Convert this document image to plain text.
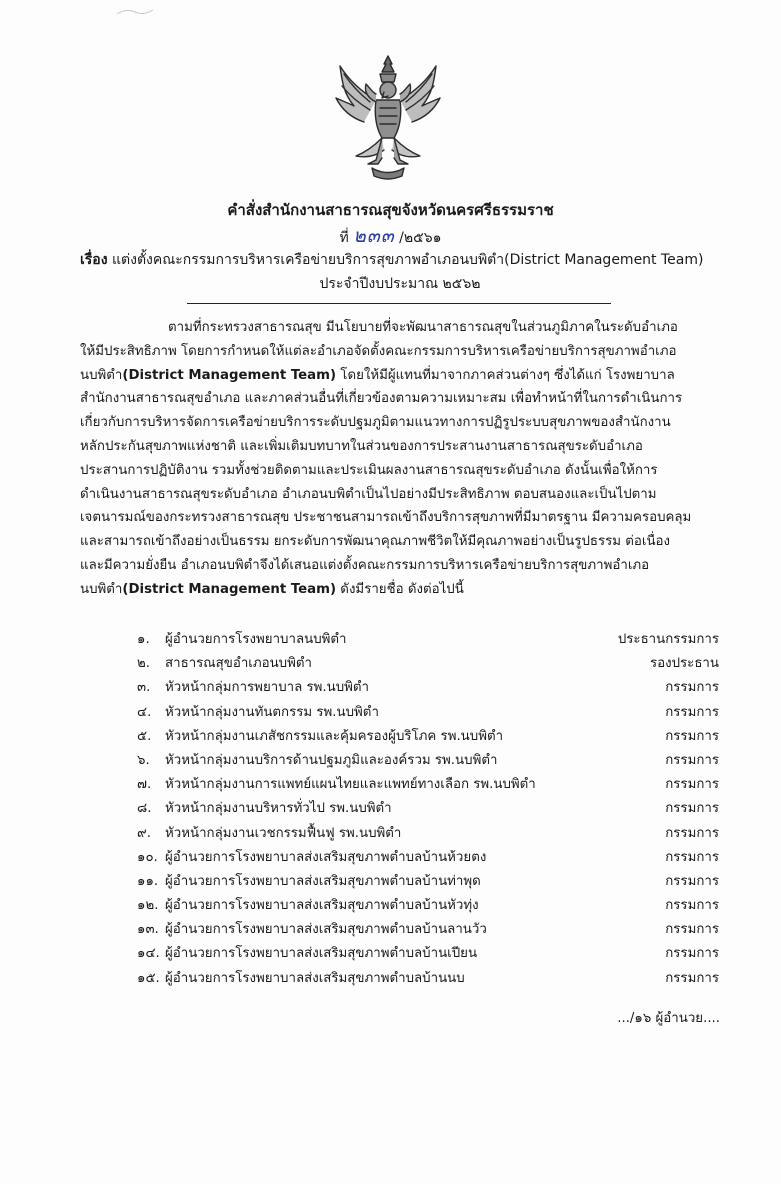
คำสั่งสำนักงานสาธารณสุขจังหวัดนครศรีธรรมราช
ที่ ๒๓๓ /๒๕๖๑
เรื่อง แต่งตั้งคณะกรรมการบริหารเครือข่ายบริการสุขภาพอำเภอนบพิตำ(District Management Team)
ประจำปีงบประมาณ ๒๕๖๒
ตามที่กระทรวงสาธารณสุข มีนโยบายที่จะพัฒนาสาธารณสุขในส่วนภูมิภาคในระดับอำเภอ
ให้มีประสิทธิภาพ โดยการกำหนดให้แต่ละอำเภอจัดตั้งคณะกรรมการบริหารเครือข่ายบริการสุขภาพอำเภอ
นบพิตำ(District Management Team) โดยให้มีผู้แทนที่มาจากภาคส่วนต่างๆ ซึ่งได้แก่ โรงพยาบาล
สำนักงานสาธารณสุขอำเภอ และภาคส่วนอื่นที่เกี่ยวข้องตามความเหมาะสม เพื่อทำหน้าที่ในการดำเนินการ
เกี่ยวกับการบริหารจัดการเครือข่ายบริการระดับปฐมภูมิตามแนวทางการปฏิรูประบบสุขภาพของสำนักงาน
หลักประกันสุขภาพแห่งชาติ และเพิ่มเติมบทบาทในส่วนของการประสานงานสาธารณสุขระดับอำเภอ
ประสานการปฏิบัติงาน รวมทั้งช่วยติดตามและประเมินผลงานสาธารณสุขระดับอำเภอ ดังนั้นเพื่อให้การ
ดำเนินงานสาธารณสุขระดับอำเภอ อำเภอนบพิตำเป็นไปอย่างมีประสิทธิภาพ ตอบสนองและเป็นไปตาม
เจตนารมณ์ของกระทรวงสาธารณสุข ประชาชนสามารถเข้าถึงบริการสุขภาพที่มีมาตรฐาน มีความครอบคลุม
และสามารถเข้าถึงอย่างเป็นธรรม ยกระดับการพัฒนาคุณภาพชีวิตให้มีคุณภาพอย่างเป็นรูปธรรม ต่อเนื่อง
และมีความยั่งยืน อำเภอนบพิตำจึงได้เสนอแต่งตั้งคณะกรรมการบริหารเครือข่ายบริการสุขภาพอำเภอ
นบพิตำ(District Management Team) ดังมีรายชื่อ ดังต่อไปนี้
๑. ผู้อำนวยการโรงพยาบาลนบพิตำ	ประธานกรรมการ
๒. สาธารณสุขอำเภอนบพิตำ	รองประธาน
๓. หัวหน้ากลุ่มการพยาบาล รพ.นบพิตำ	กรรมการ
๔. หัวหน้ากลุ่มงานทันตกรรม รพ.นบพิตำ	กรรมการ
๕. หัวหน้ากลุ่มงานเภสัชกรรมและคุ้มครองผู้บริโภค รพ.นบพิตำ	กรรมการ
๖. หัวหน้ากลุ่มงานบริการด้านปฐมภูมิและองค์รวม รพ.นบพิตำ	กรรมการ
๗. หัวหน้ากลุ่มงานการแพทย์แผนไทยและแพทย์ทางเลือก รพ.นบพิตำ	กรรมการ
๘. หัวหน้ากลุ่มงานบริหารทั่วไป รพ.นบพิตำ	กรรมการ
๙. หัวหน้ากลุ่มงานเวชกรรมฟื้นฟู รพ.นบพิตำ	กรรมการ
๑๐. ผู้อำนวยการโรงพยาบาลส่งเสริมสุขภาพตำบลบ้านห้วยตง	กรรมการ
๑๑. ผู้อำนวยการโรงพยาบาลส่งเสริมสุขภาพตำบลบ้านท่าพุด	กรรมการ
๑๒. ผู้อำนวยการโรงพยาบาลส่งเสริมสุขภาพตำบลบ้านหัวทุ่ง	กรรมการ
๑๓. ผู้อำนวยการโรงพยาบาลส่งเสริมสุขภาพตำบลบ้านลานวัว	กรรมการ
๑๔. ผู้อำนวยการโรงพยาบาลส่งเสริมสุขภาพตำบลบ้านเปียน	กรรมการ
๑๕. ผู้อำนวยการโรงพยาบาลส่งเสริมสุขภาพตำบลบ้านนบ	กรรมการ
.../๑๖ ผู้อำนวย....
